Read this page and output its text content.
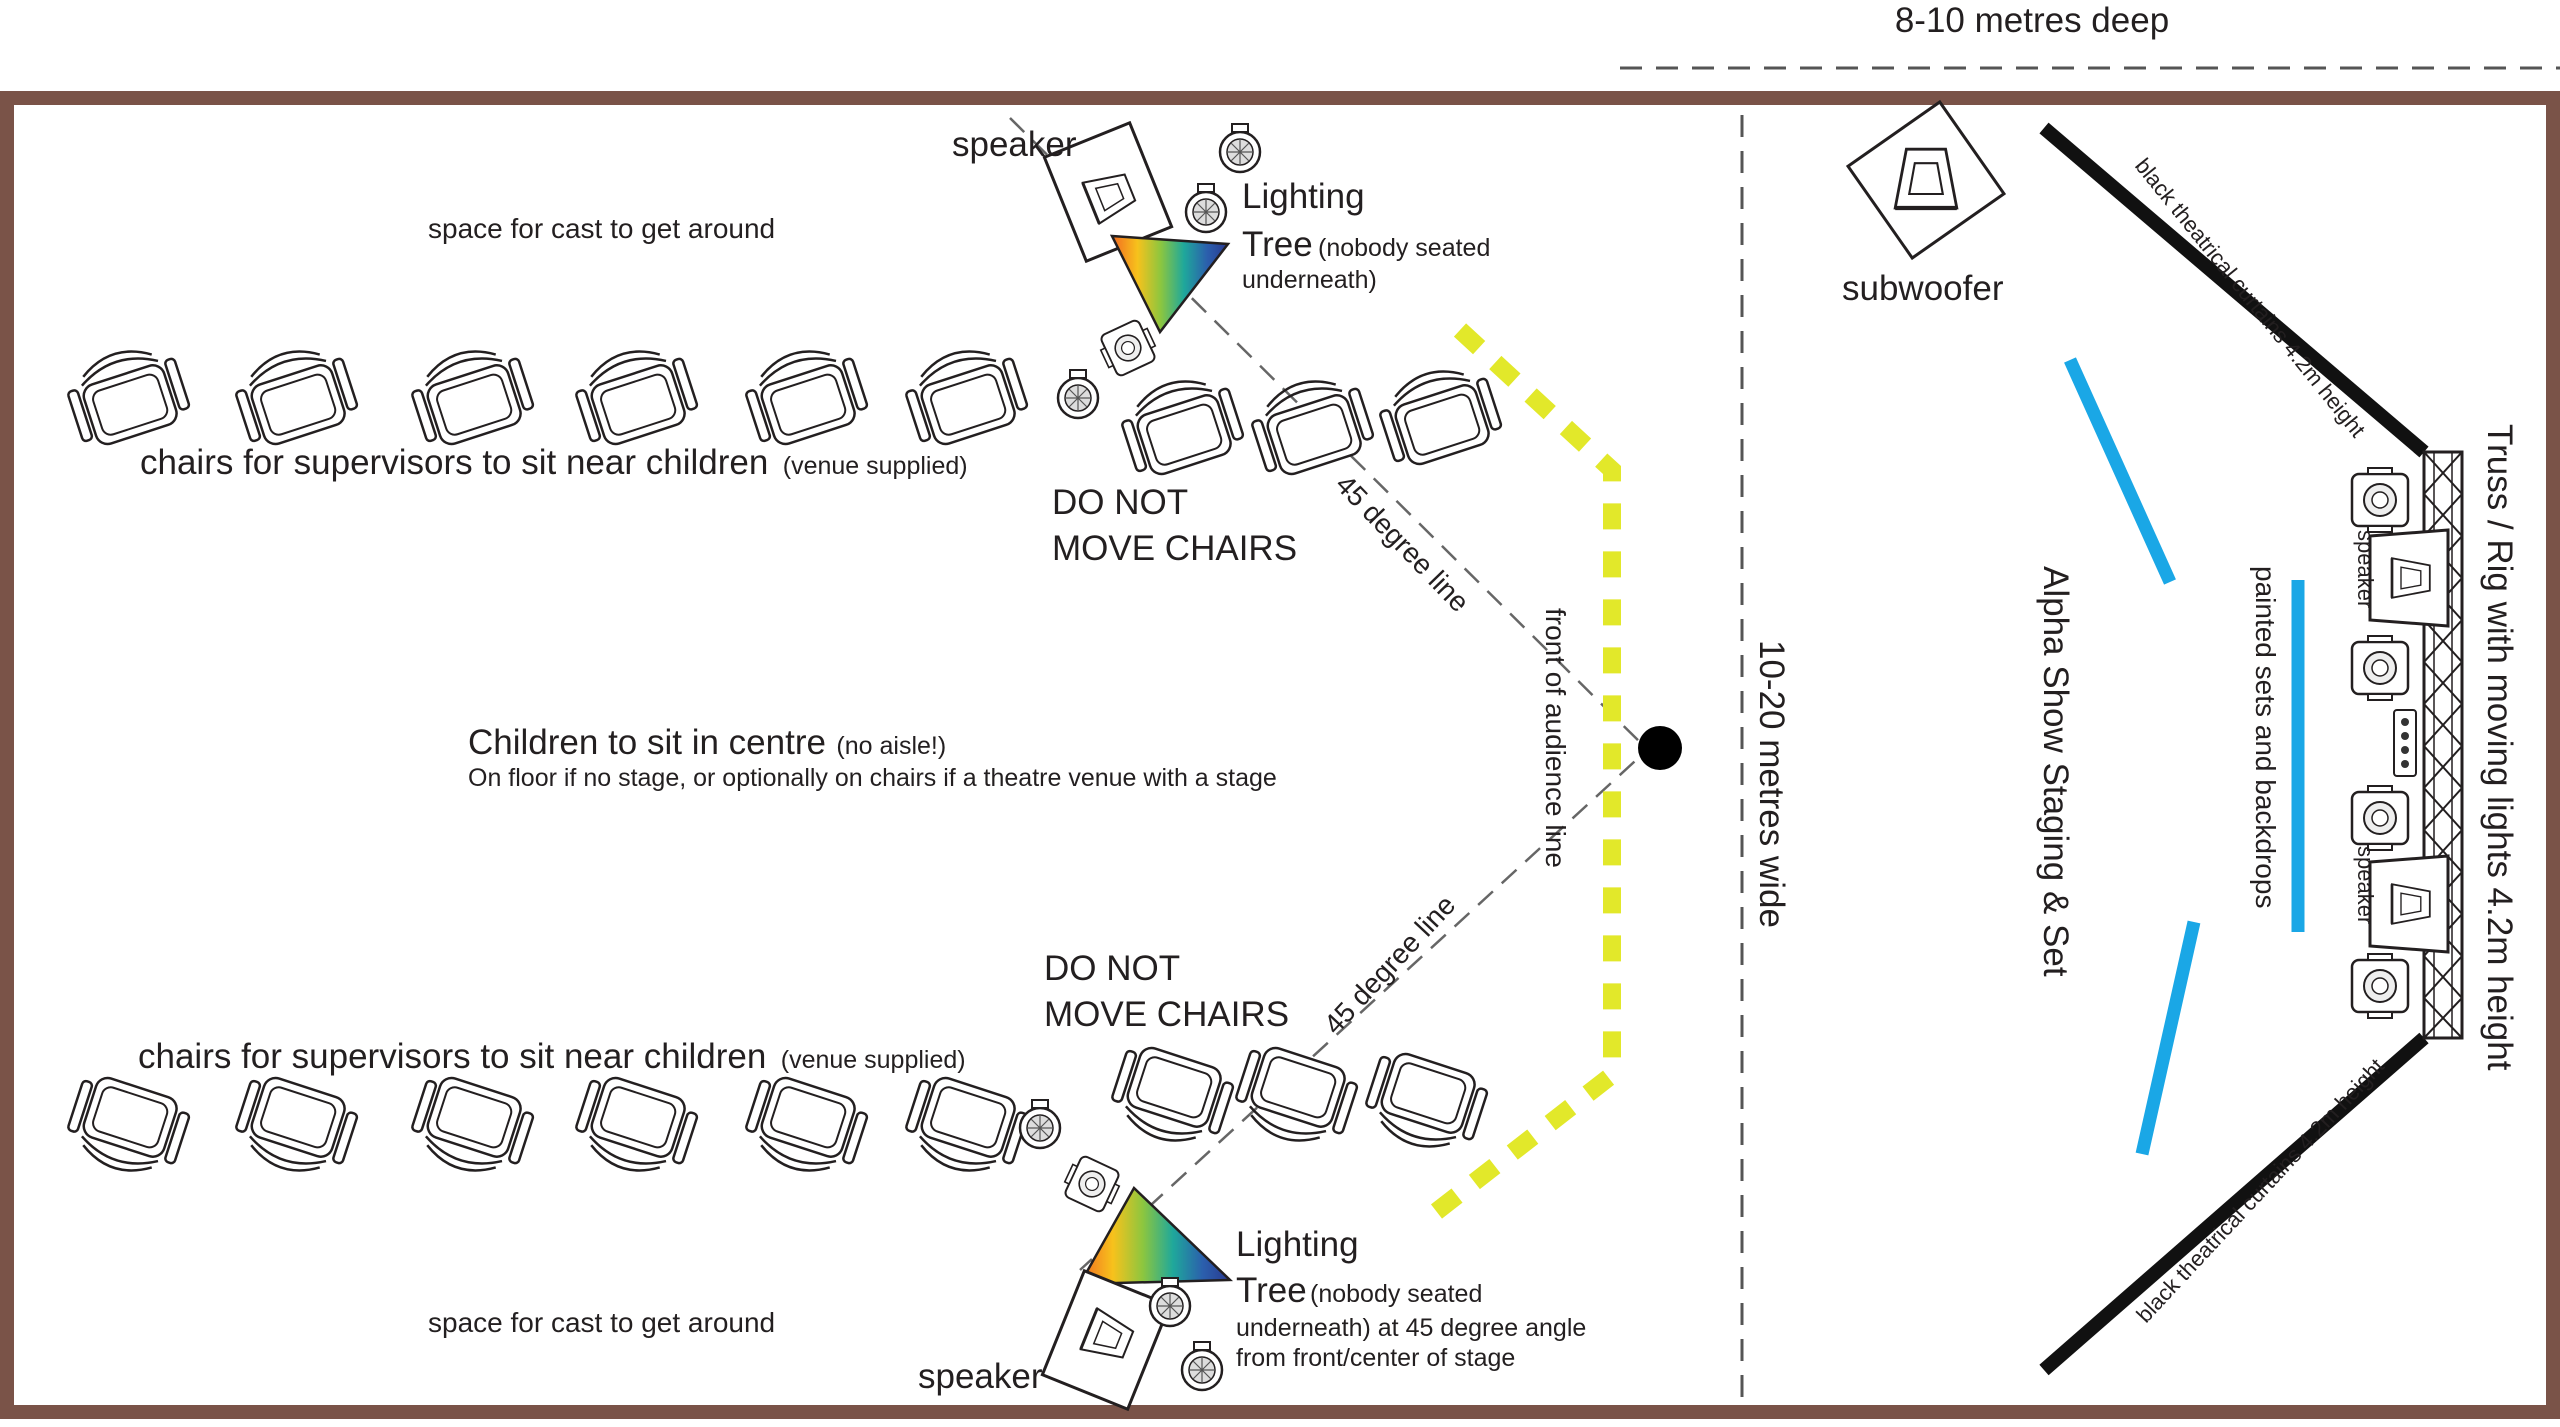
8-10 metres deep
10-20 metres wide
space for cast to get around
space for cast to get around
speaker
speaker
Lighting
Tree (nobody seated
underneath)
Lighting
Tree (nobody seated
underneath) at 45 degree angle
from front/center of stage
chairs for supervisors to sit near children (venue supplied)
chairs for supervisors to sit near children (venue supplied)
DO NOT
MOVE CHAIRS
DO NOT
MOVE CHAIRS
Children to sit in centre (no aisle!)
On floor if no stage, or optionally on chairs if a theatre venue with a stage
45 degree line
45 degree line
front of audience line
subwoofer	black theatrical curtains 4.2m height
black theatrical curtains 4.2m height
speaker
speaker
painted sets and backdrops
Alpha Show Staging & Set	Truss / Rig with moving lights 4.2m height
